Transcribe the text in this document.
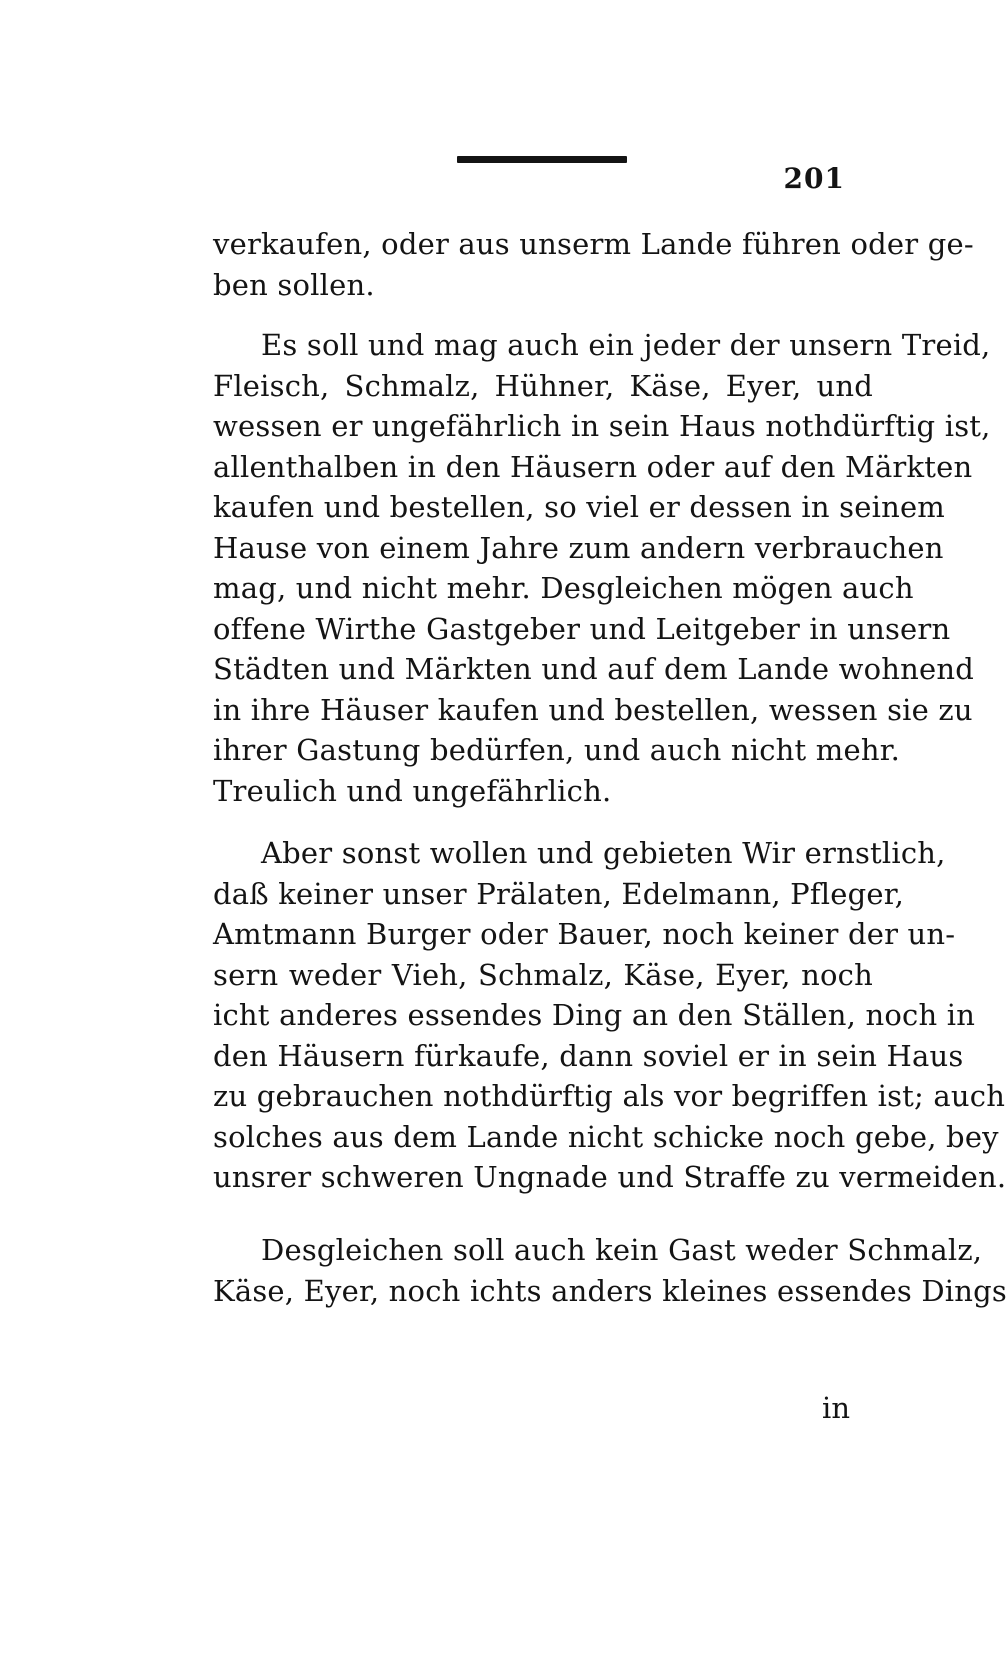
201
verkaufen, oder aus unserm Lande führen oder ge-
ben sollen.
Es soll und mag auch ein jeder der unsern Treid,
Fleisch, Schmalz, Hühner, Käse, Eyer, und
wessen er ungefährlich in sein Haus nothdürftig ist,
allenthalben in den Häusern oder auf den Märkten
kaufen und bestellen, so viel er dessen in seinem
Hause von einem Jahre zum andern verbrauchen
mag, und nicht mehr. Desgleichen mögen auch
offene Wirthe Gastgeber und Leitgeber in unsern
Städten und Märkten und auf dem Lande wohnend
in ihre Häuser kaufen und bestellen, wessen sie zu
ihrer Gastung bedürfen, und auch nicht mehr.
Treulich und ungefährlich.
Aber sonst wollen und gebieten Wir ernstlich,
daß keiner unser Prälaten, Edelmann, Pfleger,
Amtmann Burger oder Bauer, noch keiner der un-
sern weder Vieh, Schmalz, Käse, Eyer, noch
icht anderes essendes Ding an den Ställen, noch in
den Häusern fürkaufe, dann soviel er in sein Haus
zu gebrauchen nothdürftig als vor begriffen ist; auch
solches aus dem Lande nicht schicke noch gebe, bey
unsrer schweren Ungnade und Straffe zu vermeiden.
Desgleichen soll auch kein Gast weder Schmalz,
Käse, Eyer, noch ichts anders kleines essendes Dings
in
